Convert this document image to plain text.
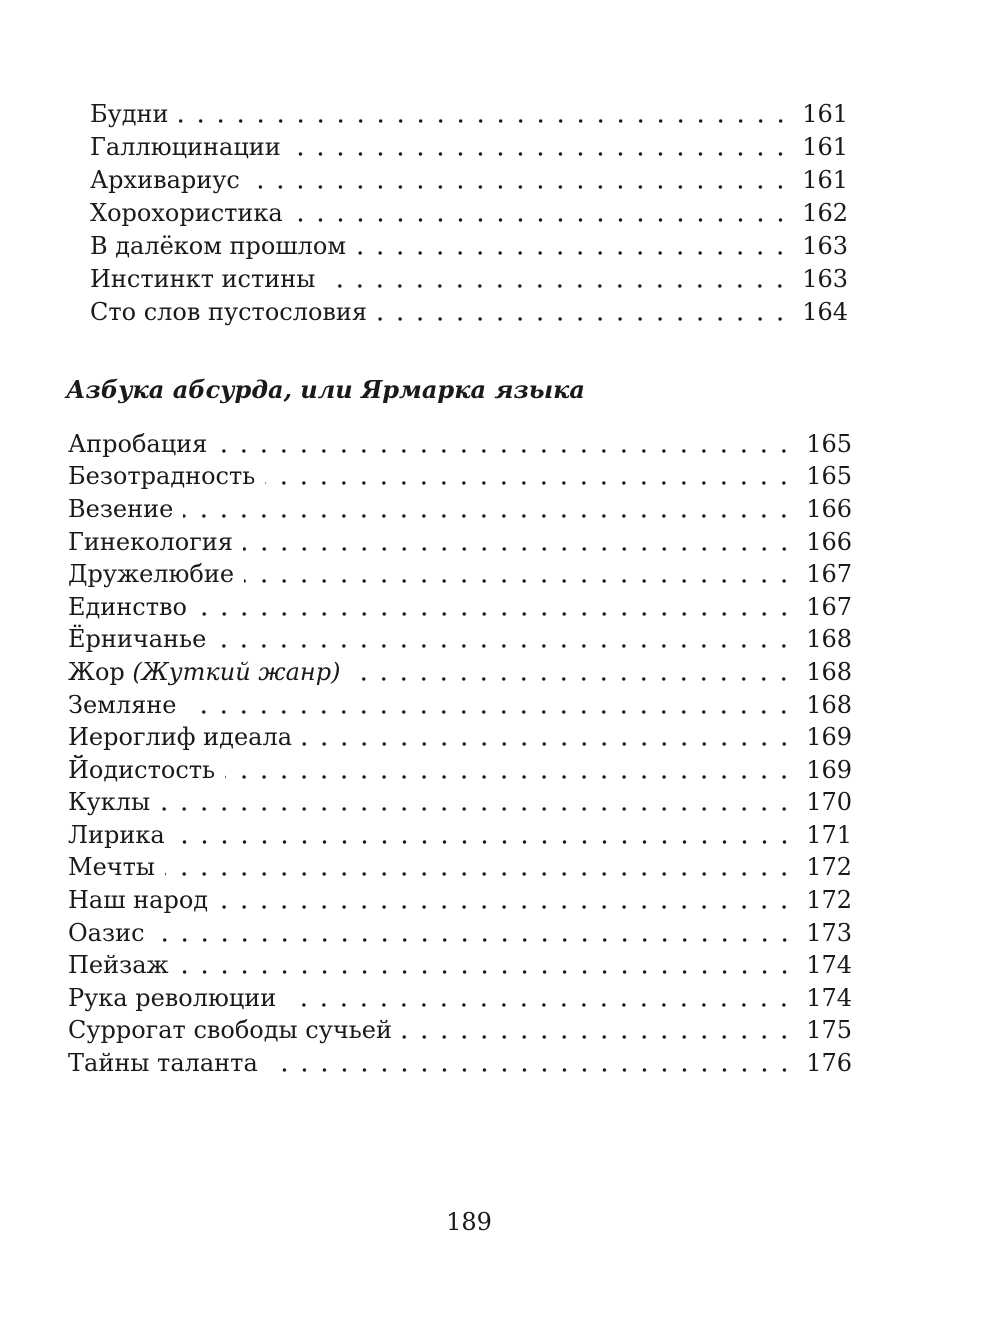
Будни	161
Галлюцинации	161
Архивариус	161
Хорохористика	162
В далёком прошлом	163
Инстинкт истины	163
Сто слов пустословия	164
Азбука абсурда, или Ярмарка языка
Апробация	165
Безотрадность	165
Везение	166
Гинекология	166
Дружелюбие	167
Единство	167
Ёрничанье	168
Жор (Жуткий жанр)	168
Земляне	168
Иероглиф идеала	169
Йодистость	169
Куклы	170
Лирика	171
Мечты	172
Наш народ	172
Оазис	173
Пейзаж	174
Рука революции	174
Суррогат свободы сучьей	175
Тайны таланта	176
189
